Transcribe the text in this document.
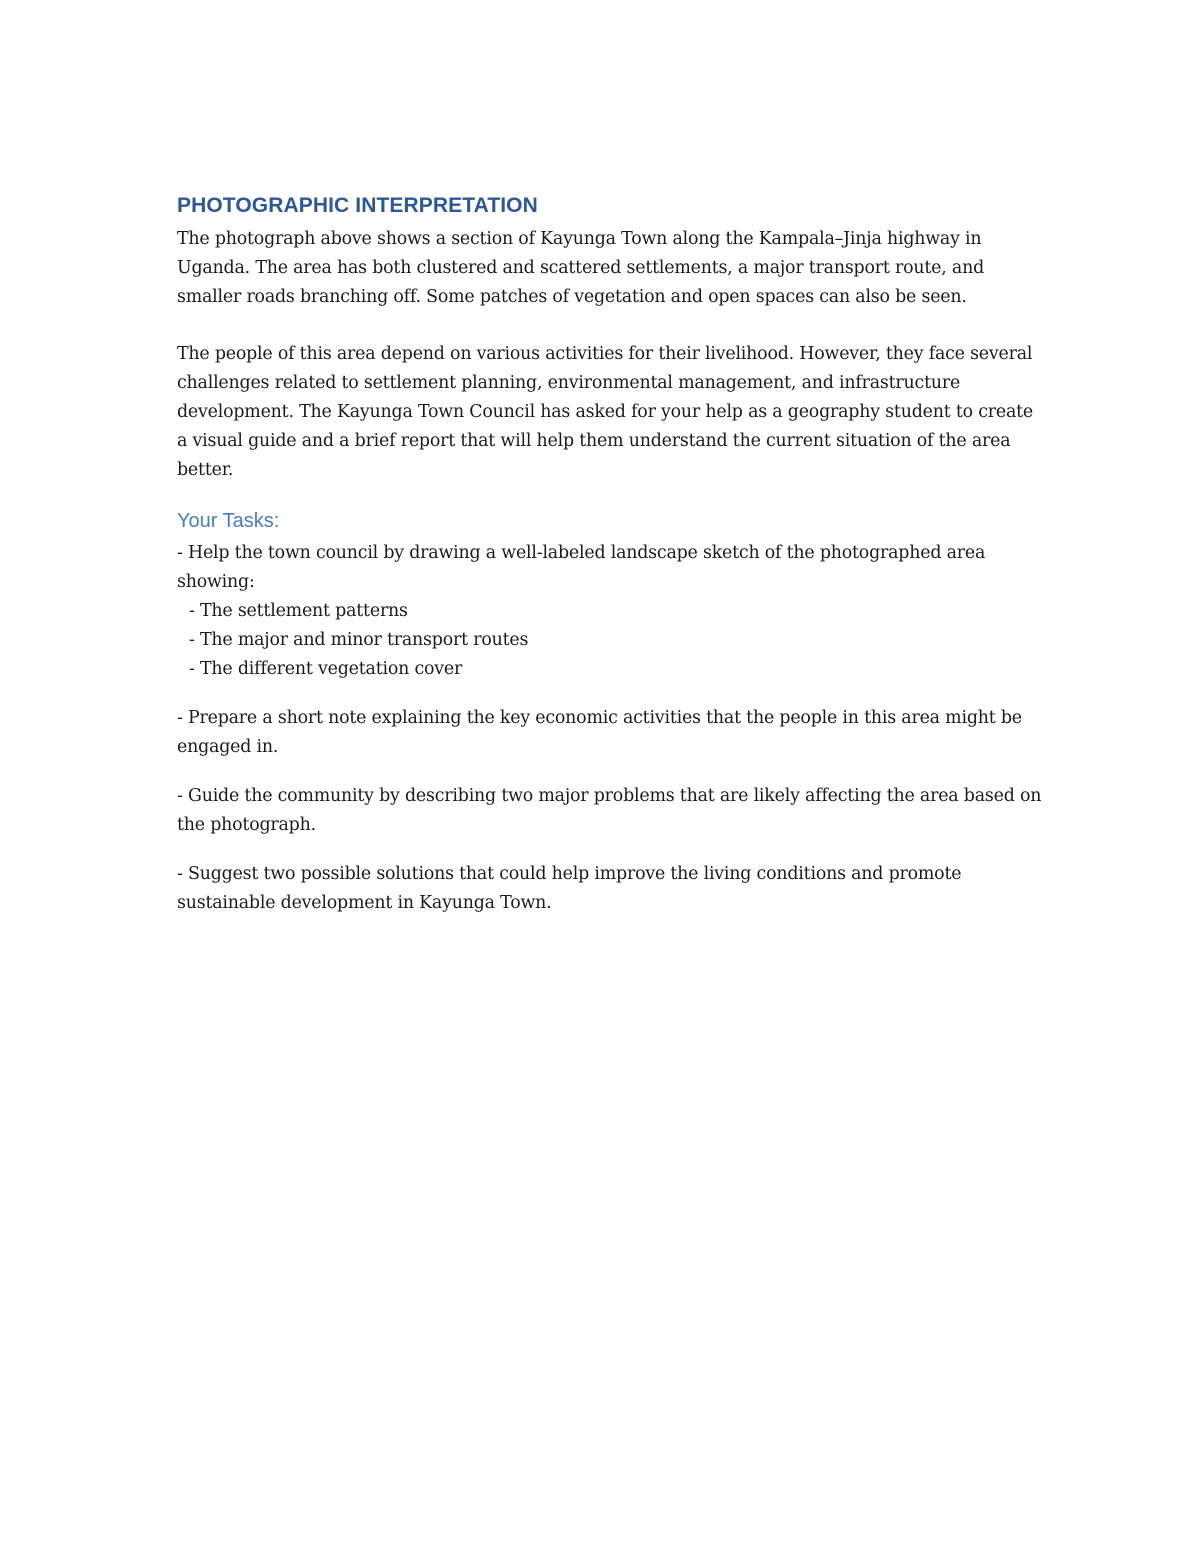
PHOTOGRAPHIC INTERPRETATION

The photograph above shows a section of Kayunga Town along the Kampala–Jinja highway in Uganda. The area has both clustered and scattered settlements, a major transport route, and smaller roads branching off. Some patches of vegetation and open spaces can also be seen.

The people of this area depend on various activities for their livelihood. However, they face several challenges related to settlement planning, environmental management, and infrastructure development. The Kayunga Town Council has asked for your help as a geography student to create a visual guide and a brief report that will help them understand the current situation of the area better.

Your Tasks:

- Help the town council by drawing a well-labeled landscape sketch of the photographed area showing:

- The settlement patterns
- The major and minor transport routes
- The different vegetation cover

- Prepare a short note explaining the key economic activities that the people in this area might be engaged in.

- Guide the community by describing two major problems that are likely affecting the area based on the photograph.

- Suggest two possible solutions that could help improve the living conditions and promote sustainable development in Kayunga Town.
